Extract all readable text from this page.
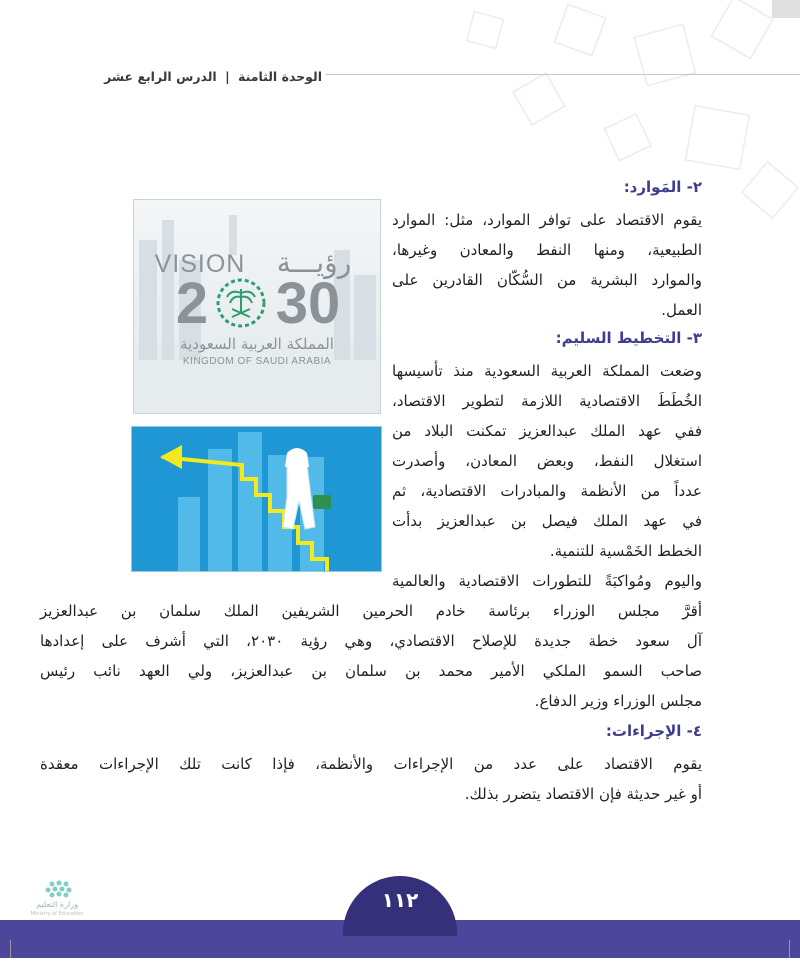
الوحدة الثامنة | الدرس الرابع عشر
٢- المَوارد:
يقوم الاقتصاد على توافر الموارد، مثل: الموارد
الطبيعية، ومنها النفط والمعادن وغيرها،
والموارد البشرية من السُّكّان القادرين على
العمل.
٣- التخطيط السليم:
وضعت المملكة العربية السعودية منذ تأسيسها
الخُطَطَ الاقتصادية اللازمة لتطوير الاقتصاد،
ففي عهد الملك عبدالعزيز تمكنت البلاد من
استغلال النفط، وبعض المعادن، وأصدرت
عدداً من الأنظمة والمبادرات الاقتصادية، ثم
في عهد الملك فيصل بن عبدالعزيز بدأت
الخطط الخَمْسية للتنمية.
واليوم ومُواكبَةً للتطورات الاقتصادية والعالمية
أقرَّ مجلس الوزراء برئاسة خادم الحرمين الشريفين الملك سلمان بن عبدالعزيز
آل سعود خطة جديدة للإصلاح الاقتصادي، وهي رؤية ٢٠٣٠، التي أشرف على إعدادها
صاحب السمو الملكي الأمير محمد بن سلمان بن عبدالعزيز، ولي العهد نائب رئيس
مجلس الوزراء وزير الدفاع.
٤- الإجراءات:
يقوم الاقتصاد على عدد من الإجراءات والأنظمة، فإذا كانت تلك الإجراءات معقدة
أو غير حديثة فإن الاقتصاد يتضرر بذلك.
رؤيـــة
VISION
2 30
المملكة العربية السعودية
KINGDOM OF SAUDI ARABIA
١١٢
وزارة التعليم
Ministry of Education
